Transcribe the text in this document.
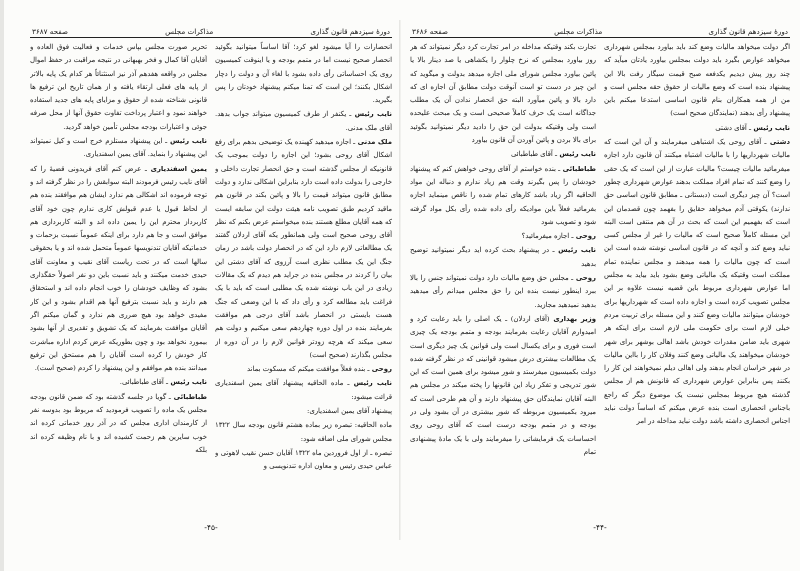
دورهٔ سیزدهم قانون گذاری
مذاکرات مجلس
صفحه ۳۶۸۷

انحصارات را آیا میشود لغو کرد؛ آقا اساساً میتوانید بگوئید انحصار صحیح نیست اما در متمم بودجه و یا اینوقت کمیسیون روی یک احساساتی رأی داده بشود با لغاء آن و دولت را دچار اشکال بکنند؛ این است که تمنا میکنم پیشنهاد خودتان را پس بگیرید.

نایب رئیس ـ یکنفر از طرف کمیسیون میتواند جواب بدهد. آقای ملک مدنی.

ملک مدنی ـ اجازه میدهید کهبنده یک توضیحی بدهم برای رفع اشکال آقای روحی بشود؛ این اجازه را دولت بموجب یک قانونیکه از مجلس گذشته است و حق انحصار تجارت داخلی و خارجی را بدولت داده است دارد بنابراین اشکالی ندارد و دولت مطابق قانون میتواند قیمت را بالا و پائین بکند در قانون هم ماقید کردیم طبق تصویب نامه هیئت دولت این سابقه ایست که همه آقایان مطلع هستند بنده میخواستم عرض بکنم که نظر آقای روحی صحیح است ولی همانطور یکه آقای اردلان گفتند یک مطالعاتی لازم دارد این که در انحصار دولت باشد در زمان جنگ این یک مطلب نظری است آرزوی که آقای دشتی این بیان را کردند در مجلس بنده در جراید هم دیدم که یک مقالات زیادی در این باب نوشته شده یک مطلبی است که باید با یک فراغت باید مطالعه کرد و رأی داد که با این وضعی که جنگ هست بایستی در انحصار باشد آقای درجی هم موافقت بفرمایند بنده در اول دوره چهاردهم سعی میکنیم و دولت هم سعی میکند که هرچه زودتر قوانین لازم را در آن دوره از مجلس بگذارند (صحیح است)

روحی ـ بنده فعلاً موافقت میکنم که مسکوت بماند

نایب رئیس ـ ماده الحاقیه پیشنهاد آقای یمین اسفندیاری قرائت میشود:

پیشنهاد آقای یمین اسفندیاری:

ماده الحاقیه: تبصره زیر بماده هشتم قانون بودجه سال ۱۳۲۲ مجلس شورای ملی اضافه شود:

تبصره ـ از اول فروردین ماه ۱۳۲۲ آقایان حسن نقیب لاهوتی و عباس حیدی رئیس و معاون اداره تندنویسی و

تحریر صورت مجلس بپاس خدمات و فعالیت فوق العاده و آقایان آقا کمال و فخر بهبهانی در نتیجه مراقبت در حفظ اموال مجلس در واقعه هفدهم آذر نیز استثنائاً هر کدام یک پایه بالاتر از پایه های فعلی ارتقاء یافته و از همان تاریخ این ترفیع ها قانونی شناخته شده از حقوق و مزایای پایه های جدید استفاده خواهند نمود و اعتبار پرداخت تفاوت حقوق آنها از محل صرفه جوئی و اعتبارات بودجه مجلس تأمین خواهد گردید.

نایب رئیس ـ این پیشنهاد مستلزم خرج است و کیل نمیتواند این پیشنهاد را بنماید. آقای یمین اسفندیاری.

یمین اسفندیاری ـ عرض کنم آقای فریدونی قضیهٔ را که آقای نایب رئیس فرمودند البته سوابقش را در نظر گرفته اند و توجه فرموده اند اشکالی هم ندارد ایشان هم موافقند بنده هم از لحاظ قبول یا عدم قبولش کاری ندارم چون خود آقای کاربرداز محترم این را یمین داده اند و البته کاربردازی هم موافق است و جا هم دارد برای اینکه عموماً نسبت بزحمات و خدماتیکه آقایان تندنویسها عموماً متحمل شده اند و یا بحقوقی سالها است که در تحت ریاست آقای نقیب و معاونت آقای حیدی خدمت میکنند و باید نسبت باین دو نفر اصولاً حقگذاری بشود که وظایف خودشان را خوب انجام داده اند و استحقاق هم دارند و باید نسبت بترفیع آنها هم اقدام بشود و این کار مفیدی خواهد بود هیچ ضرری هم ندارد و گمان میکنم اگر آقایان موافقت بفرمایند که یک تشویق و تقدیری از آنها بشود بیمورد نخواهد بود و چون بطوریکه عرض کردم اداره مباشرت کار خودش را کرده است آقایان را هم مستحق این ترفیع میدانند بنده هم موافقم و این پیشنهاد را کردم (صحیح است).

نایب رئیس ـ آقای طباطبائی.

طباطبائی ـ گویا در جلسه گذشته بود که ضمن قانون بودجه مجلس یک ماده را تصویب فرمودید که مربوط بود بدوسه نفر از کارمندان اداری مجلس که در آذر روز خدماتی کرده اند خوب سایرین هم زحمت کشیده اند و با نام وظیفه کرده اند بلکه

-۴۵-
دورهٔ سیزدهم قانون گذاری
مذاکرات مجلس
صفحه ۳۶۸۶

اگر دولت میخواهد مالیات وضع کند باید بیاورد بمجلس شهرداری میخواهد عوارض بگیرد باید دولت بمجلس بیاورد یادتان میآید که چند روز پیش دیدیم یکدفعه صبح قیمت سیگار رفت بالا این پیشنهاد بنده است که وضع مالیات از حقوق حقه مجلس است و من از همه همکاران بنام قانون اساسی استدعا میکنم باین پیشنهاد رأی بدهند (نمایندگان صحیح است)

نایب رئیس ـ آقای دشتی

دشتی ـ آقای روحی یک اشتباهی میفرمایند و آن این است که مالیات شهرداریها را با مالیات اشتباه میکنند آن قانون دارد اجازه میفرمائید مالیات چیست؟ مالیات عبارت از این است که یک حقی را وضع کنند که تمام افراد مملکت بدهند عوارض شهرداری چطور است؟ آن چیز دیگری است (دبستانی ـ مطابق قانون اساسی حق ندارند) یکوقتی آدم میخواهد حقایق را بفهمد چون قصدمان این است که بفهمیم این است که بحث در آن هم منتفی است البته این مسئله کاملاً صحیح است که مالیات را غیر از مجلس کسی نباید وضع کند و آنچه که در قانون اساسی نوشته شده است این است که چون مالیات را همه میدهند و مجلس نماینده تمام مملکت است وقتیکه یک مالیاتی وضع بشود باید بیاید به مجلس اما عوارض شهرداری مربوط باین قضیه نیست علاوه بر این مجلس تصویب کرده است و اجازه داده است که شهرداریها برای خودشان میتوانند مالیات وضع کنند و این مسئله برای تربیت مردم خیلی لازم است برای حکومت ملی لازم است برای اینکه هر شهری باید ضامن مقدرات خودش باشد اهالی بوشهر برای شهر خودشان میخواهند یک مالیاتی وضع کنند وفلان کار را بااین مالیات در شهر خراسان انجام بدهند ولی اهالی دیلم نمیخواهند این کار را بکنند پس بنابراین عوارض شهرداری که قانونش هم از مجلس گذشته هیچ مربوط بمجلس نیست یک موضوع دیگر که راجع باجناس انحصاری است بنده عرض میکنم که اساساً دولت نباید اجناس انحصاری داشته باشد دولت نباید مداخله در امر

تجارت بکند وقتیکه مداخله در امر تجارت کرد دیگر نمیتواند که هر روز بیاورد بمجلس که نرخ چلوار را یکشاهی یا صد دینار بالا یا پائین بیاورد مجلس شورای ملی اجازه میدهد بدولت و میگوید که این چیز در دست تو است آنوقت دولت مطابق آن اجازه ای که دارد بالا و پائین میآورد البته حق انحصار ندادن آن یک مطلب جداگانه است یک حرف کاملاً صحیحی است و یک مبحث علیحده است ولی وقتیکه بدولت این حق را دادید دیگر نمیتوانید بگوئید برای بالا بردن و پائین آوردن آن قانون بیاورد

نایب رئیس ـ آقای طباطبائی

طباطبائی ـ بنده خواستم از آقای روحی خواهش کنم که پیشنهاد خودشان را پس بگیرند وقت هم زیاد ندارم و دنباله این مواد الحاقیه اگر زیاد باشد کارهای تمام شده را ناقص مینماید اجازه بفرمائید فعلاً باین موادیکه رأی داده شده رأی بکل مواد گرفته شود و تصویب شود

روحی ـ اجازه میفرمائید؟

نایب رئیس ـ در پیشنهاد بحث کرده اید دیگر نمیتوانید توضیح بدهید

روحی ـ مجلس حق وضع مالیات دارد دولت نمیتواند جنس را بالا ببرد اینطور نیست بنده این را حق مجلس میدانم رأی میدهید بدهید نمیدهید مجازید.

وزیر بهداری (آقای اردلان) ـ یک اصلی را باید رعایت کرد و امیدوارم آقایان رعایت بفرمایند بودجه و متمم بودجه یک چیزی است فوری و برای یکسال است ولی قوانین یک چیز دیگری است یک مطالعات بیشتری درش میشود قوانینی که در نظر گرفته شده دولت بکمیسیون میفرستد و شور میشود برای همین است که این شور تدریجی و تفکر زیاد این قانونها را پخته میکند در مجلس هم البته آقایان نمایندگان حق پیشنهاد دارند و آن هم طرحی است که میرود بکمیسیون مربوطه که شور بیشتری در آن بشود ولی در بودجه و در متمم بودجه درست است که آقای روحی روی احساسات یک فرمایشاتی را میفرمایند ولی با یک مادهٔ پیشنهادی تمام

-۴۴-
